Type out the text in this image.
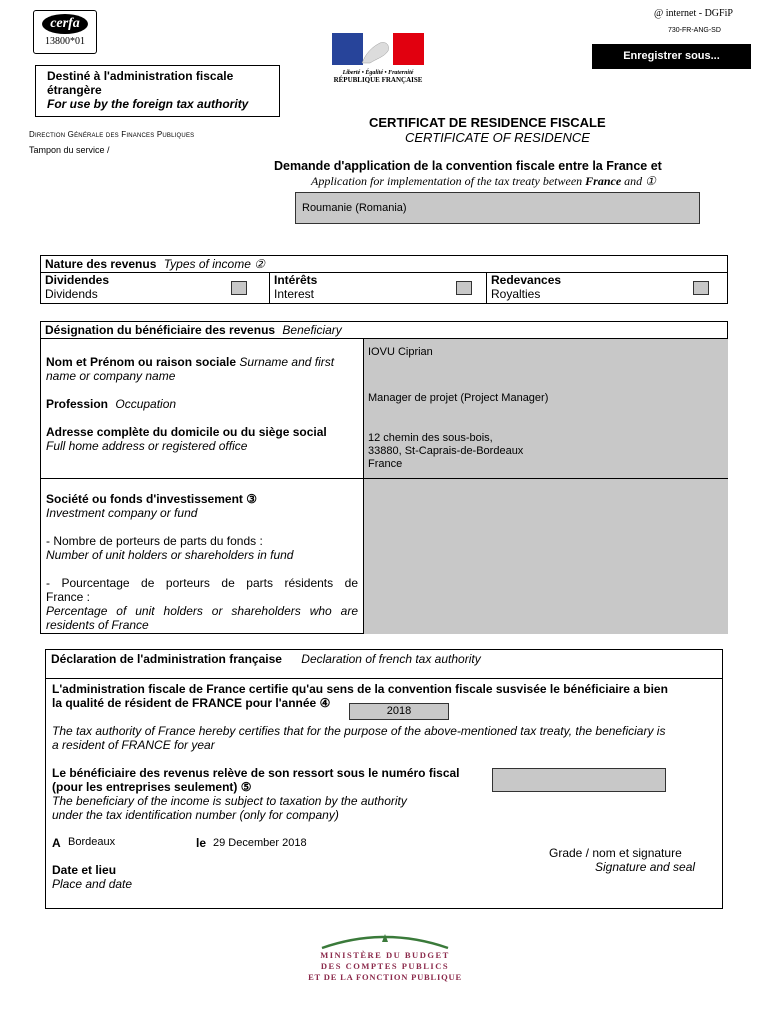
cerfa
13800*01
@ internet - DGFiP
730-FR-ANG-SD
Enregistrer sous...
Liberté • Égalité • Fraternité
RÉPUBLIQUE FRANÇAISE
Destiné à l'administration fiscale
étrangère
For use by the foreign tax authority
Direction Générale des Finances Publiques
Tampon du service /
CERTIFICAT DE RESIDENCE FISCALE
CERTIFICATE OF RESIDENCE
Demande d'application de la convention fiscale entre la France et
Application for implementation of the tax treaty between France and ①
Roumanie (Romania)
Nature des revenus Types of income ②
Dividendes
Dividends
Intérêts
Interest
Redevances
Royalties
Désignation du bénéficiaire des revenus Beneficiary
Nom et Prénom ou raison sociale Surname and first
name or company name
Profession Occupation
Adresse complète du domicile ou du siège social
Full home address or registered office
IOVU Ciprian
Manager de projet (Project Manager)
12 chemin des sous-bois,
33880, St-Caprais-de-Bordeaux
France
Société ou fonds d'investissement ③
Investment company or fund
- Nombre de porteurs de parts du fonds :
Number of unit holders or shareholders in fund
- Pourcentage de porteurs de parts résidents de
France :
Percentage of unit holders or shareholders who are
residents of France
Déclaration de l'administration française Declaration of french tax authority
L'administration fiscale de France certifie qu'au sens de la convention fiscale susvisée le bénéficiaire a bien
la qualité de résident de FRANCE pour l'année ④
2018
The tax authority of France hereby certifies that for the purpose of the above-mentioned tax treaty, the beneficiary is
a resident of FRANCE for year
Le bénéficiaire des revenus relève de son ressort sous le numéro fiscal
(pour les entreprises seulement) ⑤
The beneficiary of the income is subject to taxation by the authority
under the tax identification number (only for company)
A Bordeaux	le 29 December 2018
Date et lieu
Place and date
Grade / nom et signature
Signature and seal
MINISTÈRE DU BUDGET
DES COMPTES PUBLICS
ET DE LA FONCTION PUBLIQUE
